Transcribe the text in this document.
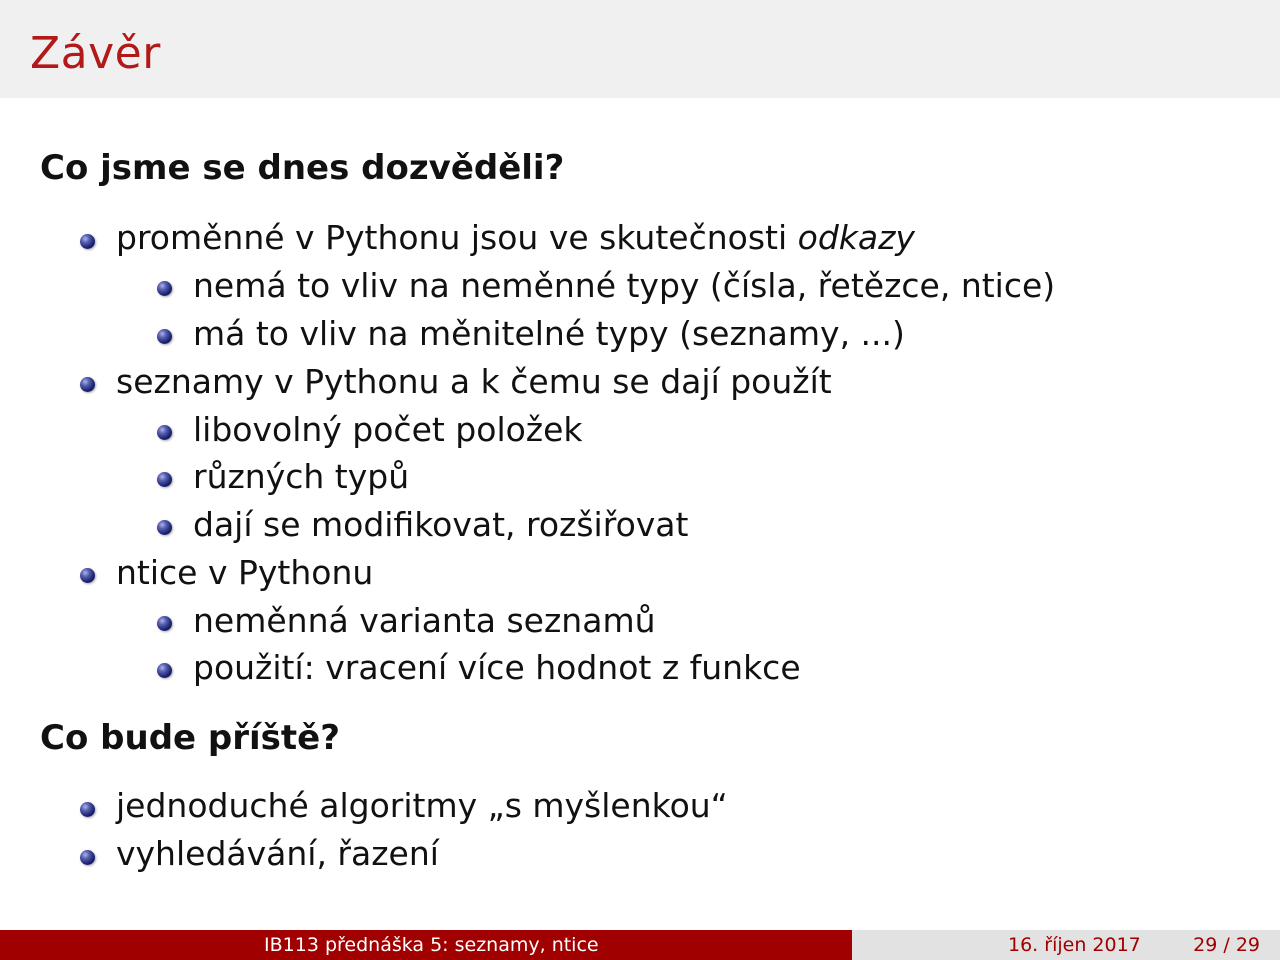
Závěr
Co jsme se dnes dozvěděli?
proměnné v Pythonu jsou ve skutečnosti odkazy
nemá to vliv na neměnné typy (čísla, řetězce, ntice)
má to vliv na měnitelné typy (seznamy, ...)
seznamy v Pythonu a k čemu se dají použít
libovolný počet položek
různých typů
dají se modifikovat, rozšiřovat
ntice v Pythonu
neměnná varianta seznamů
použití: vracení více hodnot z funkce
Co bude příště?
jednoduché algoritmy „s myšlenkou“
vyhledávání, řazení
IB113 přednáška 5: seznamy, ntice	16. říjen 2017	29 / 29
